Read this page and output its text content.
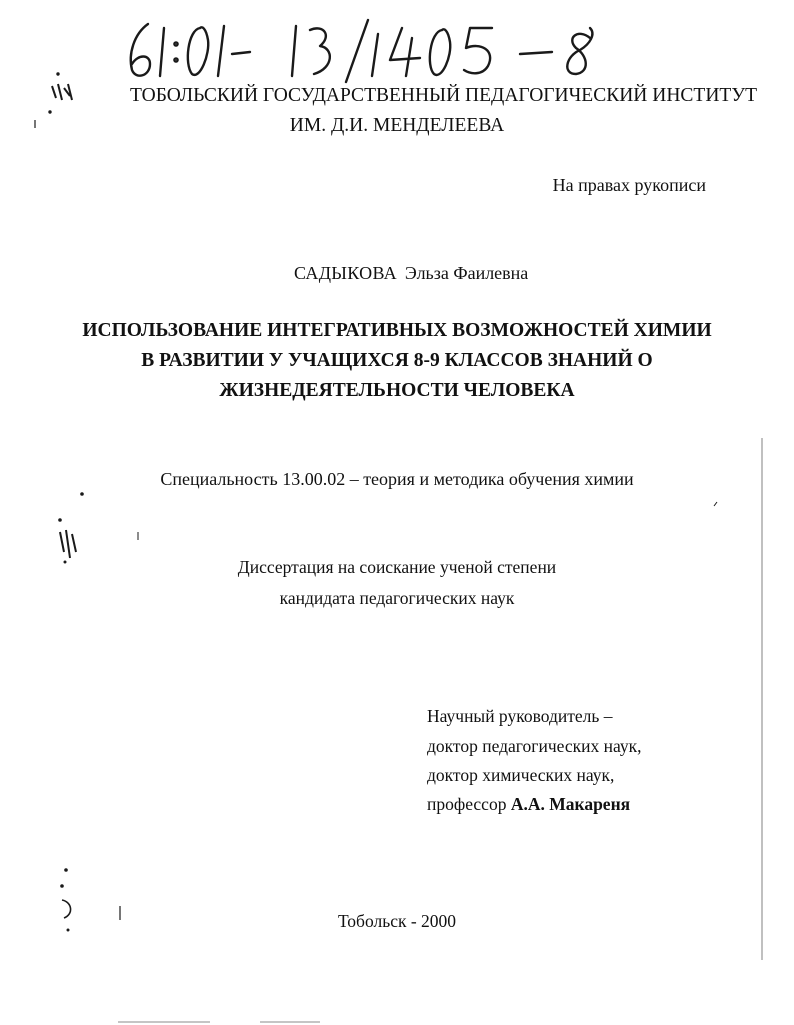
ТОБОЛЬСКИЙ ГОСУДАРСТВЕННЫЙ ПЕДАГОГИЧЕСКИЙ ИНСТИТУТ
ИМ. Д.И. МЕНДЕЛЕЕВА
На правах рукописи
САДЫКОВА Эльза Фаилевна
ИСПОЛЬЗОВАНИЕ ИНТЕГРАТИВНЫХ ВОЗМОЖНОСТЕЙ ХИМИИ
В РАЗВИТИИ У УЧАЩИХСЯ 8-9 КЛАССОВ ЗНАНИЙ О
ЖИЗНЕДЕЯТЕЛЬНОСТИ ЧЕЛОВЕКА
Специальность 13.00.02 – теория и методика обучения химии
Диссертация на соискание ученой степени
кандидата педагогических наук
Научный руководитель –
доктор педагогических наук,
доктор химических наук,
профессор А.А. Макареня
Тобольск - 2000
